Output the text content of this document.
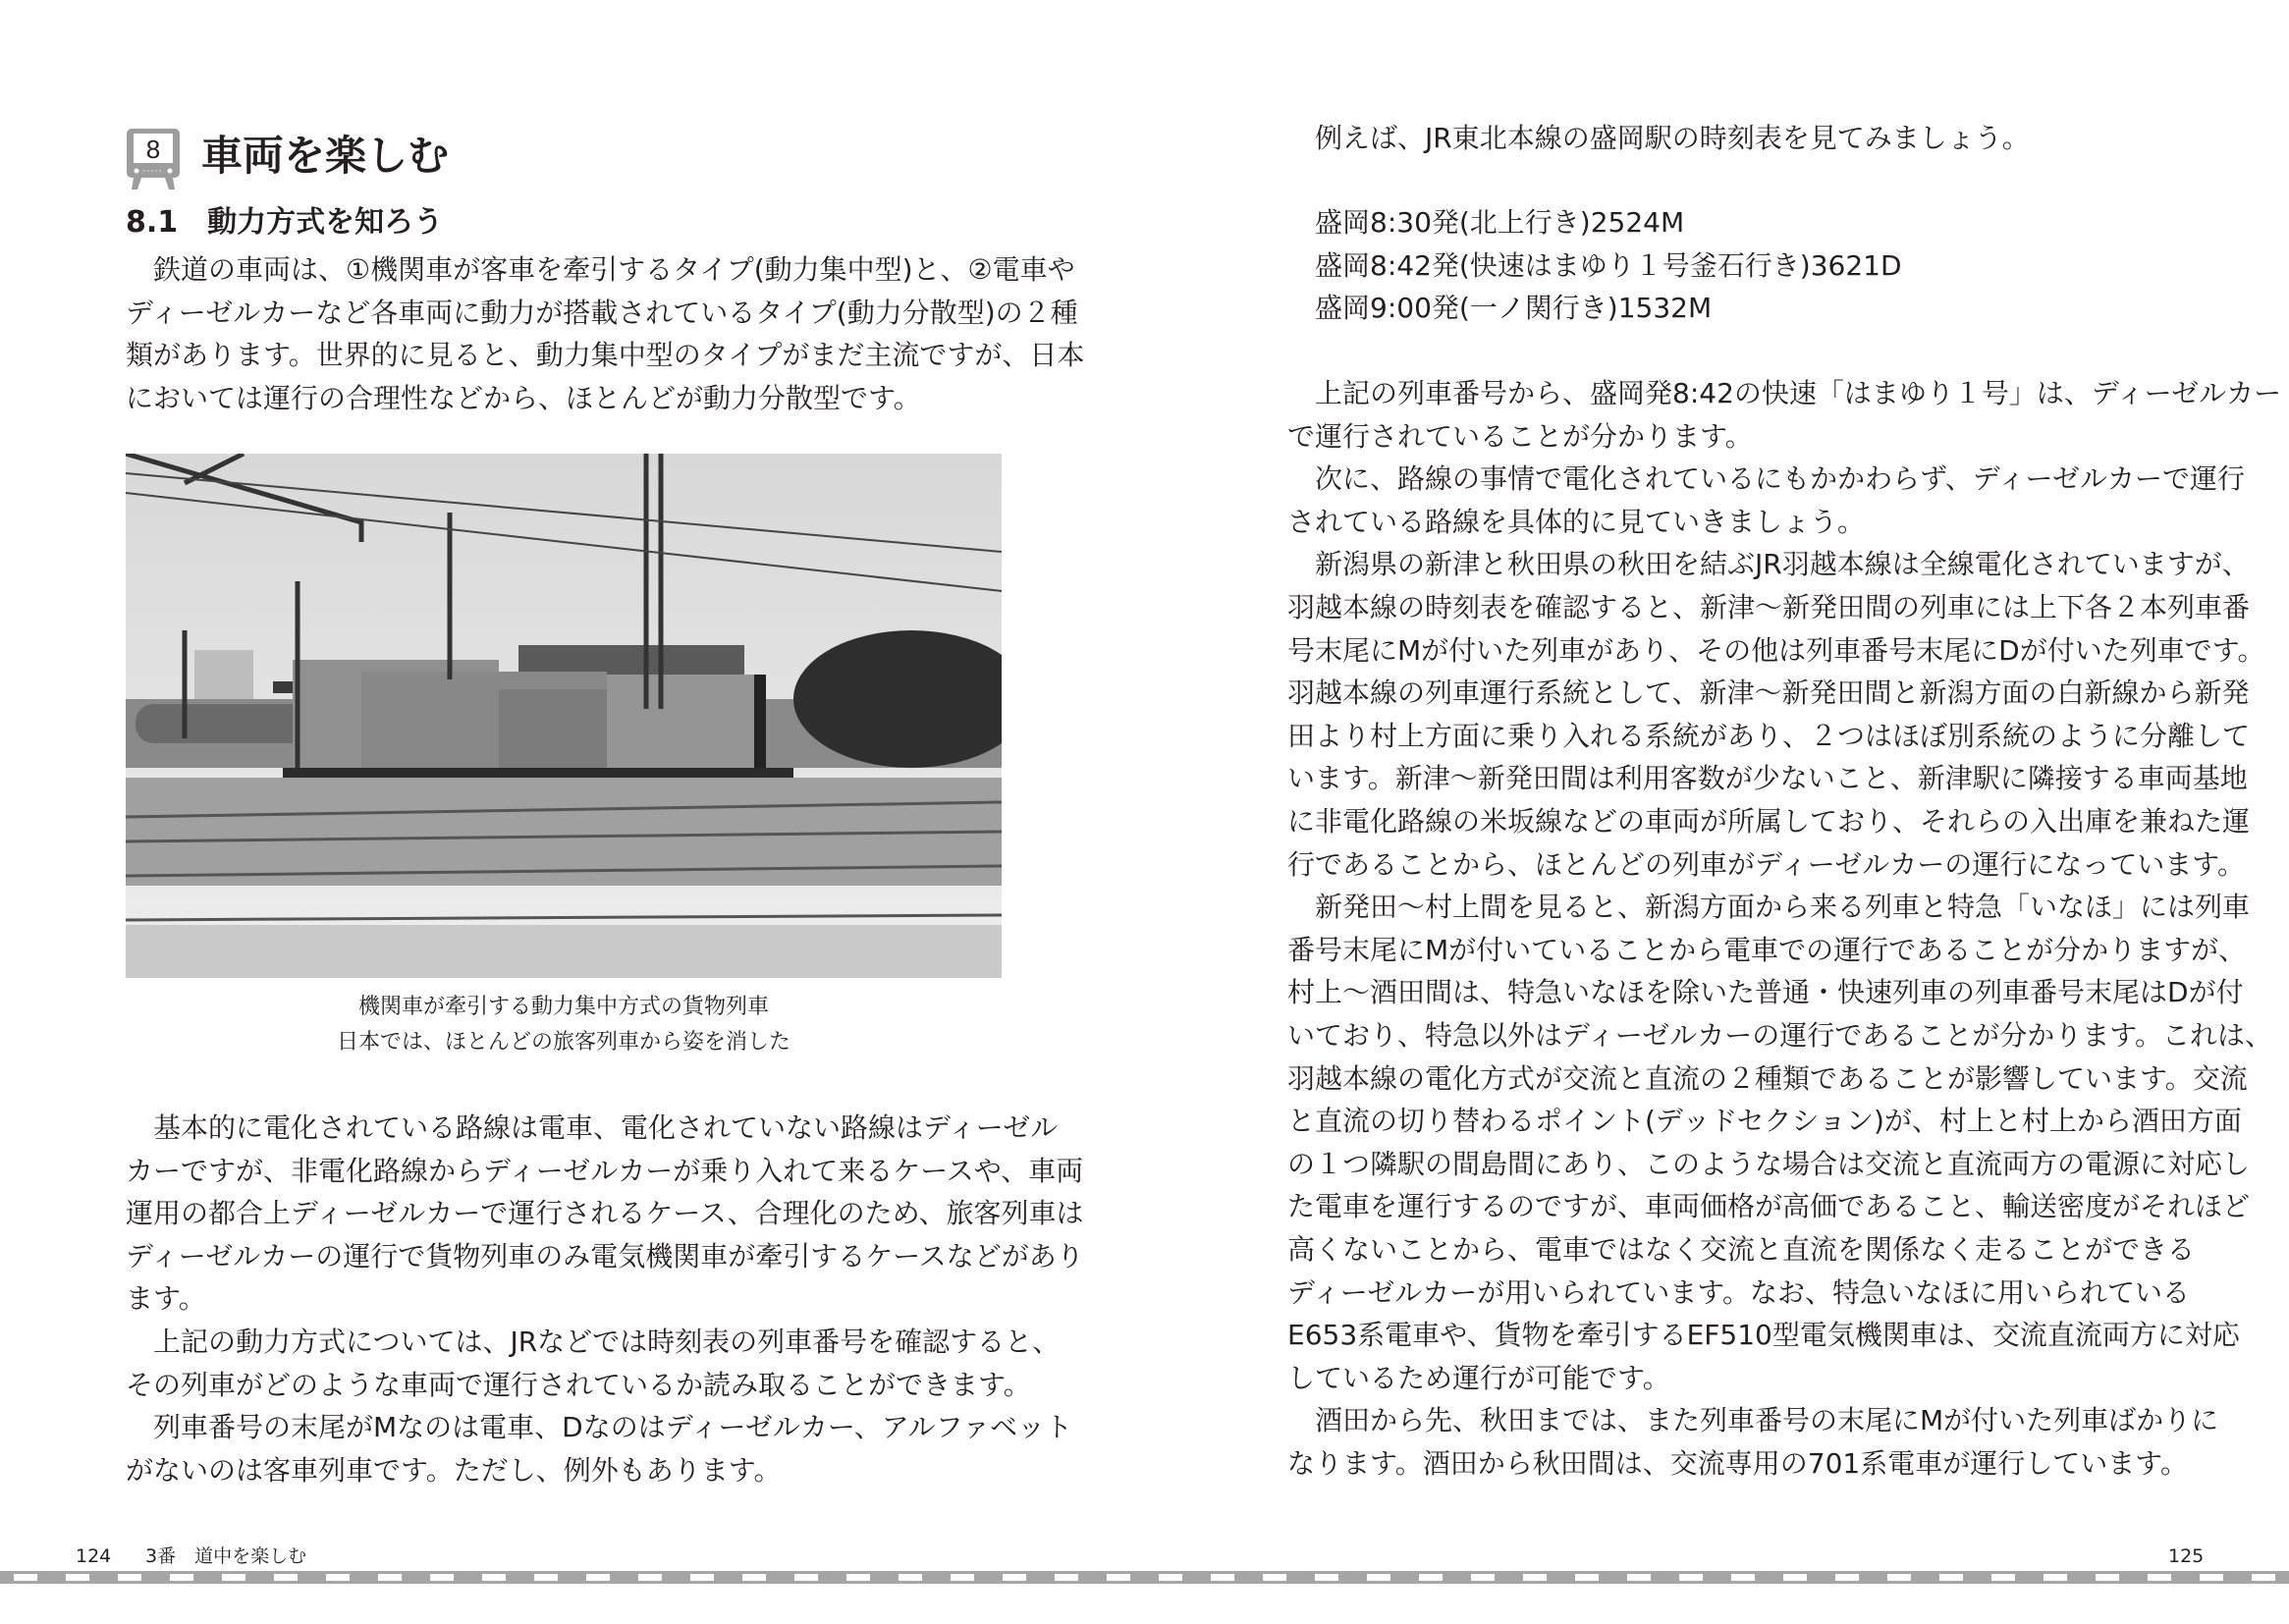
8 車両を楽しむ
8.1 動力方式を知ろう
　鉄道の車両は、①機関車が客車を牽引するタイプ(動力集中型)と、②電車や
ディーゼルカーなど各車両に動力が搭載されているタイプ(動力分散型)の２種
類があります。世界的に見ると、動力集中型のタイプがまだ主流ですが、日本
においては運行の合理性などから、ほとんどが動力分散型です。
機関車が牽引する動力集中方式の貨物列車
日本では、ほとんどの旅客列車から姿を消した
　基本的に電化されている路線は電車、電化されていない路線はディーゼル
カーですが、非電化路線からディーゼルカーが乗り入れて来るケースや、車両
運用の都合上ディーゼルカーで運行されるケース、合理化のため、旅客列車は
ディーゼルカーの運行で貨物列車のみ電気機関車が牽引するケースなどがあり
ます。
　上記の動力方式については、JRなどでは時刻表の列車番号を確認すると、
その列車がどのような車両で運行されているか読み取ることができます。
　列車番号の末尾がMなのは電車、Dなのはディーゼルカー、アルファベット
がないのは客車列車です。ただし、例外もあります。
　例えば、JR東北本線の盛岡駅の時刻表を見てみましょう。
　盛岡8:30発(北上行き)2524M
　盛岡8:42発(快速はまゆり１号釜石行き)3621D
　盛岡9:00発(一ノ関行き)1532M
　上記の列車番号から、盛岡発8:42の快速「はまゆり１号」は、ディーゼルカー
で運行されていることが分かります。
　次に、路線の事情で電化されているにもかかわらず、ディーゼルカーで運行
されている路線を具体的に見ていきましょう。
　新潟県の新津と秋田県の秋田を結ぶJR羽越本線は全線電化されていますが、
羽越本線の時刻表を確認すると、新津〜新発田間の列車には上下各２本列車番
号末尾にMが付いた列車があり、その他は列車番号末尾にDが付いた列車です。
羽越本線の列車運行系統として、新津〜新発田間と新潟方面の白新線から新発
田より村上方面に乗り入れる系統があり、２つはほぼ別系統のように分離して
います。新津〜新発田間は利用客数が少ないこと、新津駅に隣接する車両基地
に非電化路線の米坂線などの車両が所属しており、それらの入出庫を兼ねた運
行であることから、ほとんどの列車がディーゼルカーの運行になっています。
　新発田〜村上間を見ると、新潟方面から来る列車と特急「いなほ」には列車
番号末尾にMが付いていることから電車での運行であることが分かりますが、
村上〜酒田間は、特急いなほを除いた普通・快速列車の列車番号末尾はDが付
いており、特急以外はディーゼルカーの運行であることが分かります。これは、
羽越本線の電化方式が交流と直流の２種類であることが影響しています。交流
と直流の切り替わるポイント(デッドセクション)が、村上と村上から酒田方面
の１つ隣駅の間島間にあり、このような場合は交流と直流両方の電源に対応し
た電車を運行するのですが、車両価格が高価であること、輸送密度がそれほど
高くないことから、電車ではなく交流と直流を関係なく走ることができる
ディーゼルカーが用いられています。なお、特急いなほに用いられている
E653系電車や、貨物を牽引するEF510型電気機関車は、交流直流両方に対応
しているため運行が可能です。
　酒田から先、秋田までは、また列車番号の末尾にMが付いた列車ばかりに
なります。酒田から秋田間は、交流専用の701系電車が運行しています。
124 3番　道中を楽しむ	125
